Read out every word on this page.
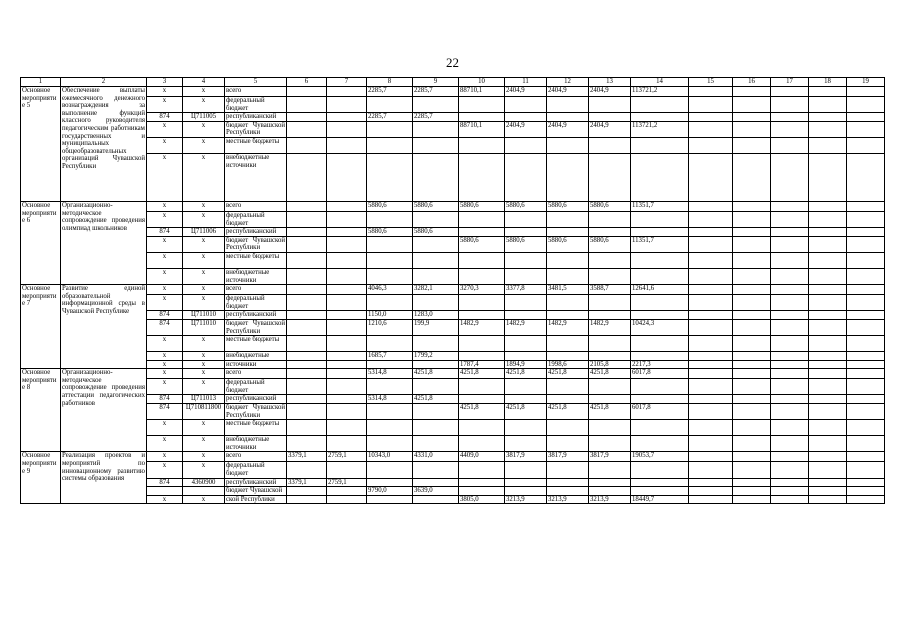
22
1	2	3	4	5	6	7	8	9	10	11	12	13	14	15	16	17	18	19
Основное мероприятие 5	Обеспечение выплаты ежемесячного денежного вознаграждения за выполнение функций классного руководителя педагогическим работникам государственных и муниципальных общеобразовательных организаций Чувашской Республики	x	x	всего			2285,7	2285,7	88710,1	2404,9	2404,9	2404,9	113721,2					
		x	x	федеральный бюджет														
		874	Ц711005	республиканский			2285,7	2285,7										
		x	x	бюджет Чувашской Республики					88710,1	2404,9	2404,9	2404,9	113721,2					
		x	x	местные бюджеты														
		x	x	внебюджетные источники														
Основное мероприятие 6	Организационно-методическое сопровождение проведения олимпиад школьников	x	x	всего			5880,6	5880,6	5880,6	5880,6	5880,6	5880,6	11351,7					
		x	x	федеральный бюджет														
		874	Ц711006	республиканский			5880,6	5880,6										
		x	x	бюджет Чувашской Республики					5880,6	5880,6	5880,6	5880,6	11351,7					
		x	x	местные бюджеты														
		x	x	внебюджетные источники														
Основное мероприятие 7	Развитие единой образовательной информационной среды в Чувашской Республике	x	x	всего			4046,3	3282,1	3270,3	3377,8	3481,5	3588,7	12641,6					
		x	x	федеральный бюджет														
		874	Ц711010	республиканский			1150,0	1283,0										
		874	Ц711010	бюджет Чувашской Республики			1210,6	199,9	1482,9	1482,9	1482,9	1482,9	10424,3					
		x	x	местные бюджеты														
		x	x	внебюджетные			1685,7	1799,2										
		x	x	источники					1787,4	1894,9	1998,6	2105,8	2217,3					
Основное мероприятие 8	Организационно-методическое сопровождение проведения аттестации педагогических работников	x	x	всего			5314,8	4251,8	4251,8	4251,8	4251,8	4251,8	6017,8					
		x	x	федеральный бюджет														
		874	Ц711013	республиканский			5314,8	4251,8										
		874	Ц710811800	бюджет Чувашской Республики					4251,8	4251,8	4251,8	4251,8	6017,8					
		x	x	местные бюджеты														
		x	x	внебюджетные источники														
Основное мероприятие 9	Реализация проектов и мероприятий по инновационному развитию системы образования	x	x	всего	3379,1	2759,1	10343,0	4331,0	4409,0	3817,9	3817,9	3817,9	19053,7					
		x	x	федеральный бюджет														
		874	4360900	республиканский	3379,1	2759,1												
				бюджет Чувашской			9790,0	3639,0										
		x	x	ской Республики					3805,0	3213,9	3213,9	3213,9	18449,7					
